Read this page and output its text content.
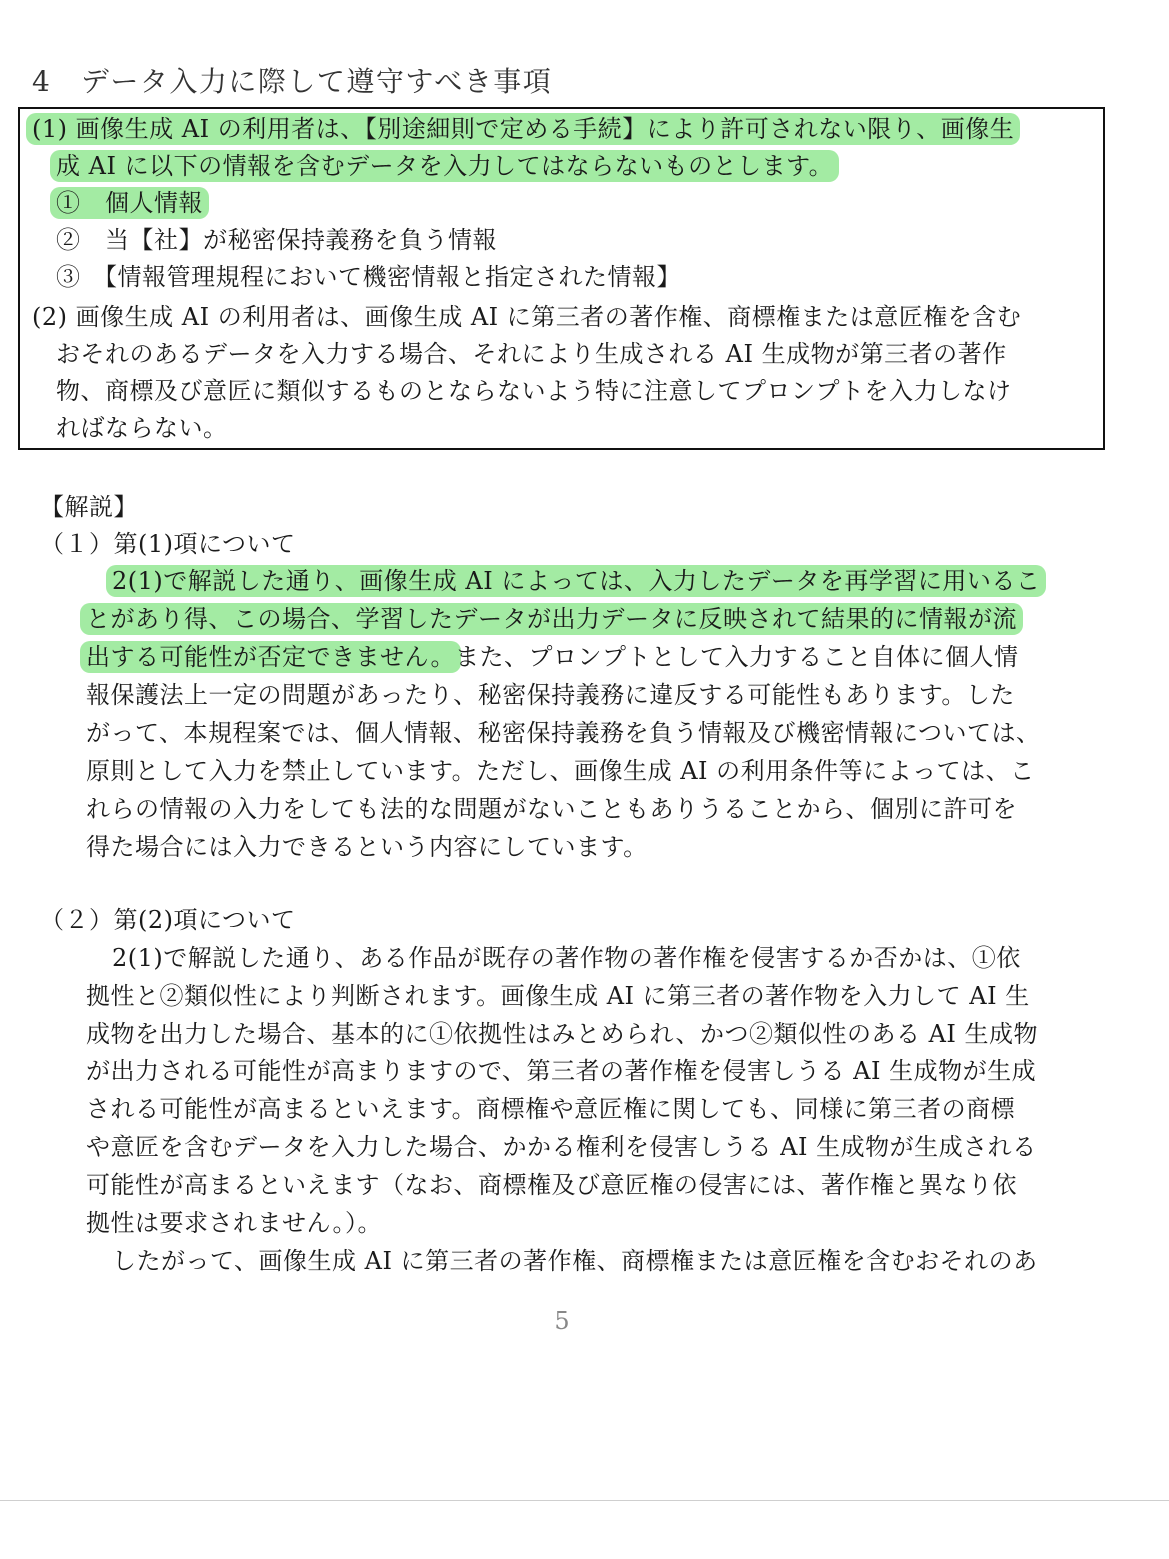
4　データ入力に際して遵守すべき事項
(1) 画像生成 AI の利用者は、【別途細則で定める手続】により許可されない限り、画像生
成 AI に以下の情報を含むデータを入力してはならないものとします。
①　個人情報
②　当【社】が秘密保持義務を負う情報
③　【情報管理規程において機密情報と指定された情報】
(2) 画像生成 AI の利用者は、画像生成 AI に第三者の著作権、商標権または意匠権を含む
おそれのあるデータを入力する場合、それにより生成される AI 生成物が第三者の著作
物、商標及び意匠に類似するものとならないよう特に注意してプロンプトを入力しなけ
ればならない。
【解説】
（１）第(1)項について
2(1)で解説した通り、画像生成 AI によっては、入力したデータを再学習に用いるこ
とがあり得、この場合、学習したデータが出力データに反映されて結果的に情報が流
出する可能性が否定できません。また、プロンプトとして入力すること自体に個人情
報保護法上一定の問題があったり、秘密保持義務に違反する可能性もあります。した
がって、本規程案では、個人情報、秘密保持義務を負う情報及び機密情報については、
原則として入力を禁止しています。ただし、画像生成 AI の利用条件等によっては、こ
れらの情報の入力をしても法的な問題がないこともありうることから、個別に許可を
得た場合には入力できるという内容にしています。
（２）第(2)項について
2(1)で解説した通り、ある作品が既存の著作物の著作権を侵害するか否かは、①依
拠性と②類似性により判断されます。画像生成 AI に第三者の著作物を入力して AI 生
成物を出力した場合、基本的に①依拠性はみとめられ、かつ②類似性のある AI 生成物
が出力される可能性が高まりますので、第三者の著作権を侵害しうる AI 生成物が生成
される可能性が高まるといえます。商標権や意匠権に関しても、同様に第三者の商標
や意匠を含むデータを入力した場合、かかる権利を侵害しうる AI 生成物が生成される
可能性が高まるといえます（なお、商標権及び意匠権の侵害には、著作権と異なり依
拠性は要求されません。）。
したがって、画像生成 AI に第三者の著作権、商標権または意匠権を含むおそれのあ
5
